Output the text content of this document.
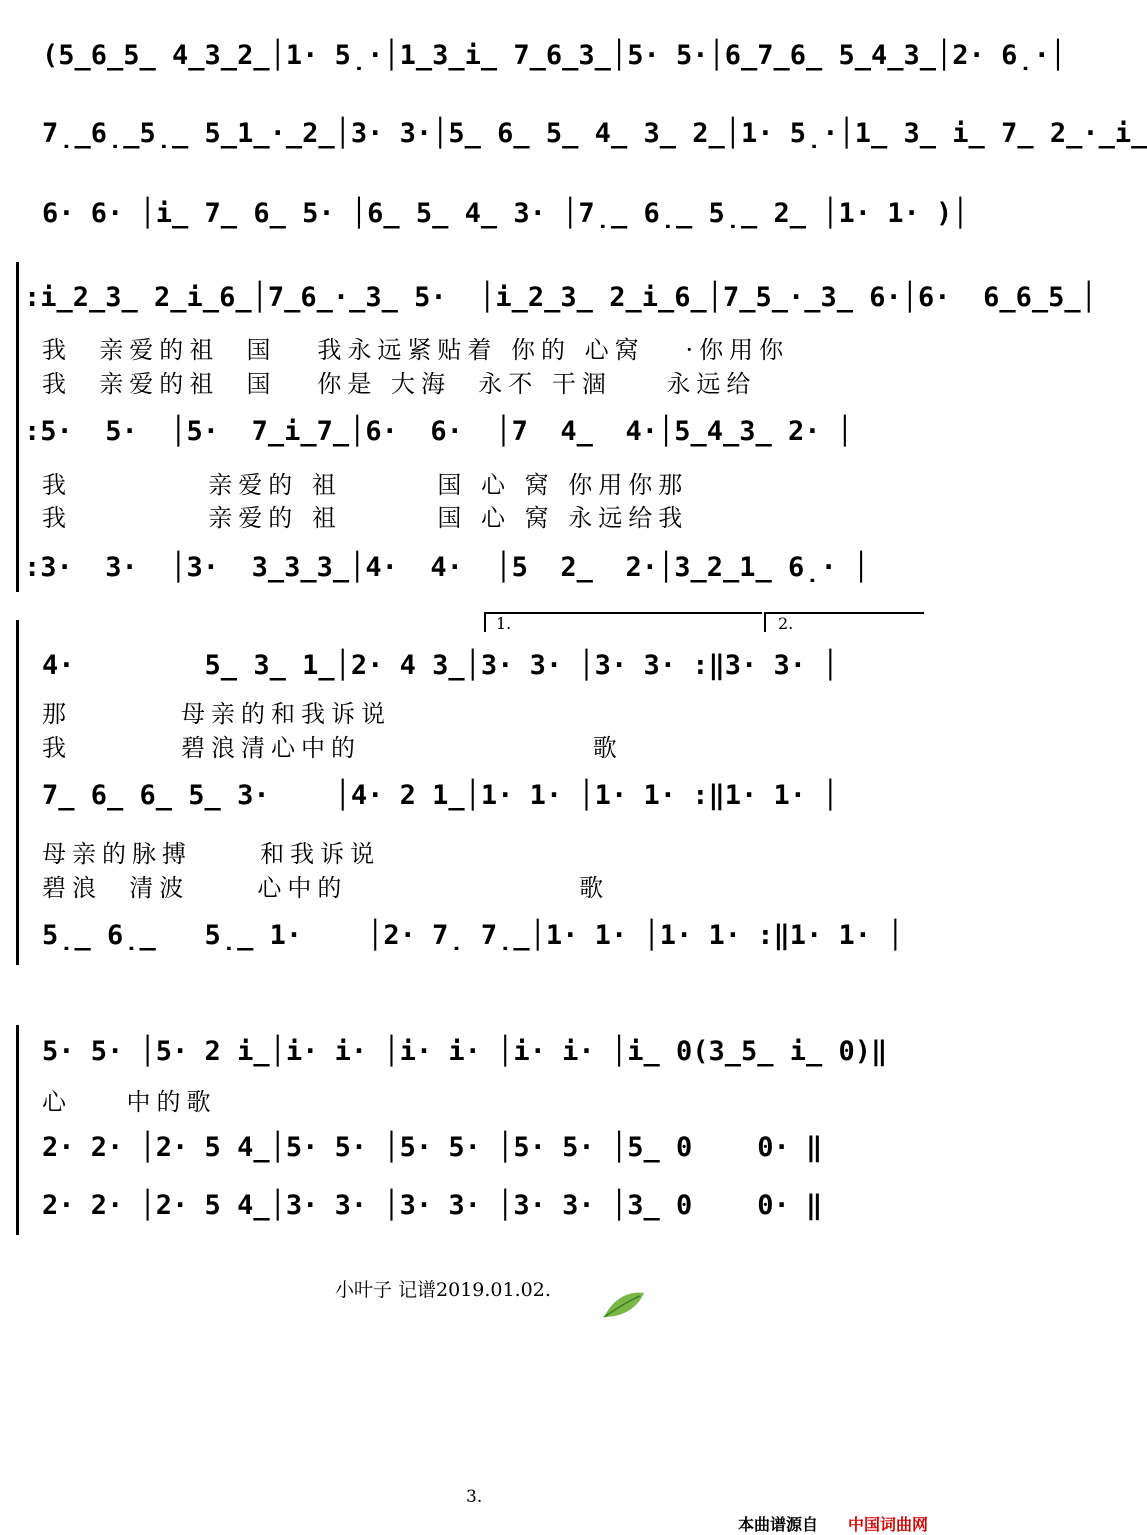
(5̲6̲5̲ 4̲3̲2̲│1· 5̣·│1̲3̲i̲ 7̲6̲3̲│5· 5·│6̲7̲6̲ 5̲4̲3̲│2· 6̣·│
7̣̲6̣̲5̣̲ 5̲1̲·̲2̲│3· 3·│5̲ 6̲ 5̲ 4̲ 3̲ 2̲│1· 5̣·│1̲ 3̲ i̲ 7̲ 2̲·̲i̲
6· 6· │i̲ 7̲ 6̲ 5· │6̲ 5̲ 4̲ 3· │7̣̲ 6̣̲ 5̣̲ 2̲ │1· 1· )│
:i̲2̲3̲ 2̲i̲6̲│7̲6̲·̲3̲ 5·  │i̲2̲3̲ 2̲i̲6̲│7̲5̲·̲3̲ 6·│6·  6̲6̲5̲│
我  亲爱的祖  国   我永远紧贴着 你的 心窝   ·你用你
我  亲爱的祖  国   你是 大海  永不 干涸    永远给
:5·  5·  │5·  7̲i̲7̲│6·  6·  │7  4̲  4·│5̲4̲3̲ 2· │
我          亲爱的 祖       国 心 窝 你用你那
我          亲爱的 祖       国 心 窝 永远给我
:3·  3·  │3·  3̲3̲3̲│4·  4·  │5  2̲  2·│3̲2̲1̲ 6̣· │
1.	2.
4·        5̲ 3̲ 1̲│2· 4 3̲│3· 3· │3· 3· :‖3· 3· │
那        母亲的和我诉说
我        碧浪清心中的                 歌
7̲ 6̲ 6̲ 5̲ 3·    │4· 2 1̲│1· 1· │1· 1· :‖1· 1· │
母亲的脉搏     和我诉说
碧浪  清波     心中的                 歌
5̣̲ 6̣̲   5̣̲ 1·    │2· 7̣ 7̣̲│1· 1· │1· 1· :‖1· 1· │
5· 5· │5· 2 i̲│i· i· │i· i· │i· i· │i̲ 0(3̲5̲ i̲ 0)‖
心    中的歌
2· 2· │2· 5 4̲│5· 5· │5· 5· │5· 5· │5̲ 0    0· ‖
2· 2· │2· 5 4̲│3· 3· │3· 3· │3· 3· │3̲ 0    0· ‖
小叶子 记谱2019.01.02.

3.
本曲谱源自 中国词曲网
